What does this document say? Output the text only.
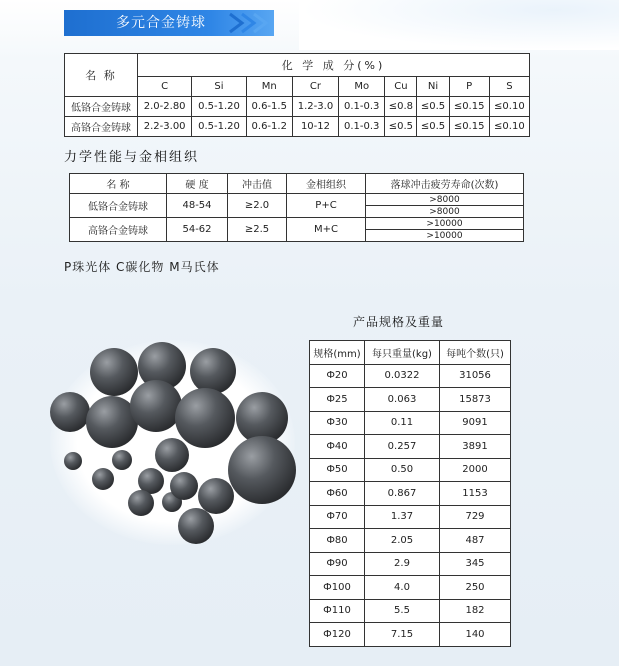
多元合金铸球
名 称	化 学 成 分(%)								
	C	Si	Mn	Cr	Mo	Cu	Ni	P	S
低铬合金铸球	2.0-2.80	0.5-1.20	0.6-1.5	1.2-3.0	0.1-0.3	≤0.8	≤0.5	≤0.15	≤0.10
高铬合金铸球	2.2-3.00	0.5-1.20	0.6-1.2	10-12	0.1-0.3	≤0.5	≤0.5	≤0.15	≤0.10
力学性能与金相组织
名 称	硬 度	冲击值	金相组织	落球冲击疲劳寿命(次数)
低铬合金铸球	48-54	≥2.0	P+C	>8000
				>8000
高铬合金铸球	54-62	≥2.5	M+C	>10000
				>10000
P珠光体 C碳化物 M马氏体
产品规格及重量
规格(mm)	每只重量(kg)	每吨个数(只)
Ф20	0.0322	31056
Ф25	0.063	15873
Ф30	0.11	9091
Ф40	0.257	3891
Ф50	0.50	2000
Ф60	0.867	1153
Ф70	1.37	729
Ф80	2.05	487
Ф90	2.9	345
Ф100	4.0	250
Ф110	5.5	182
Ф120	7.15	140
